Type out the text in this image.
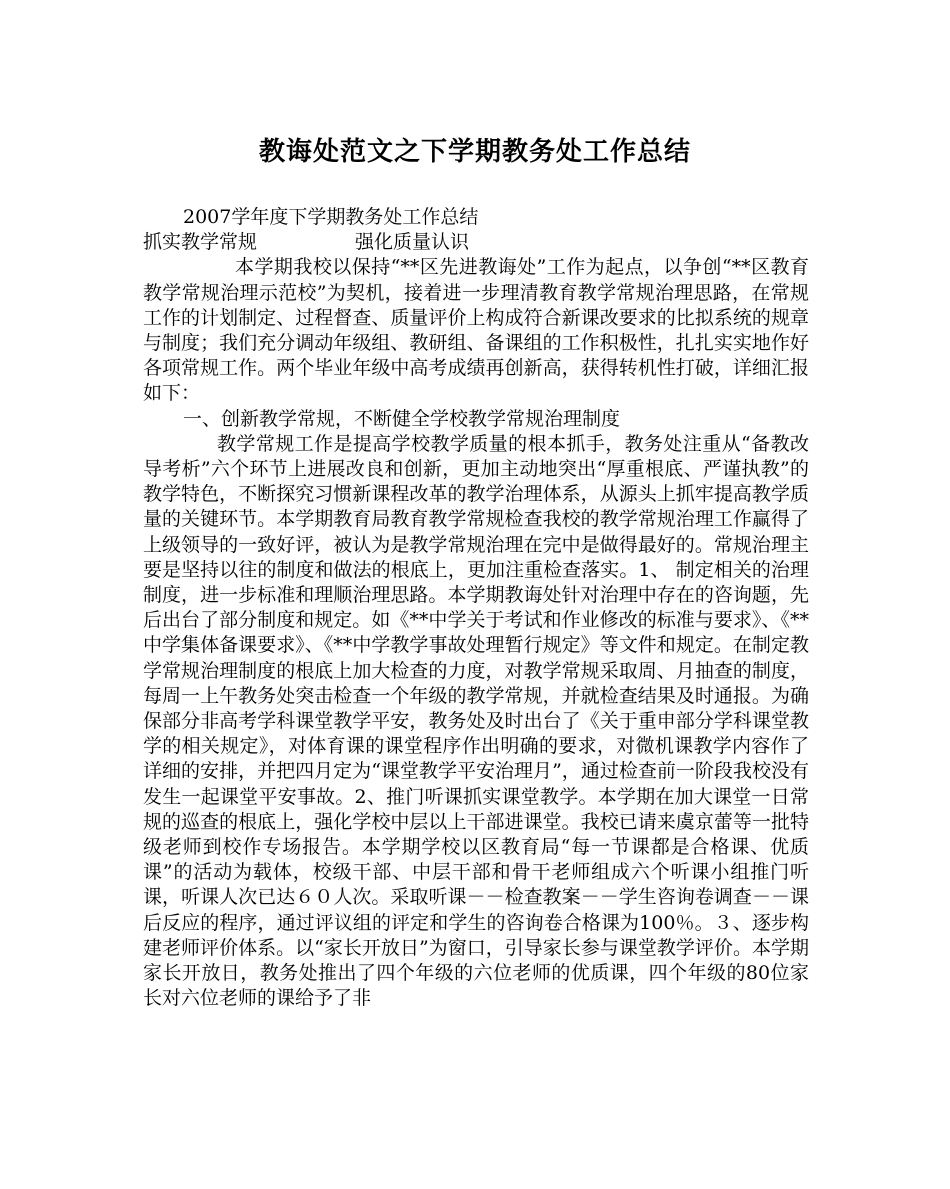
教诲处范文之下学期教务处工作总结

2007学年度下学期教务处工作总结

抓实教学常规	强化质量认识

本学期我校以保持“**区先进教诲处”工作为起点，以争创“**区教育教学常规治理示范校”为契机，接着进一步理清教育教学常规治理思路，在常规工作的计划制定、过程督查、质量评价上构成符合新课改要求的比拟系统的规章与制度；我们充分调动年级组、教研组、备课组的工作积极性，扎扎实实地作好各项常规工作。两个毕业年级中高考成绩再创新高，获得转机性打破，详细汇报如下：

一、创新教学常规，不断健全学校教学常规治理制度

教学常规工作是提高学校教学质量的根本抓手，教务处注重从“备教改导考析”六个环节上进展改良和创新，更加主动地突出“厚重根底、严谨执教”的教学特色，不断探究习惯新课程改革的教学治理体系，从源头上抓牢提高教学质量的关键环节。本学期教育局教育教学常规检查我校的教学常规治理工作赢得了上级领导的一致好评，被认为是教学常规治理在完中是做得最好的。常规治理主要是坚持以往的制度和做法的根底上，更加注重检查落实。1、 制定相关的治理制度，进一步标准和理顺治理思路。本学期教诲处针对治理中存在的咨询题，先后出台了部分制度和规定。如《**中学关于考试和作业修改的标准与要求》、《**中学集体备课要求》、《**中学教学事故处理暂行规定》等文件和规定。在制定教学常规治理制度的根底上加大检查的力度，对教学常规采取周、月抽查的制度，每周一上午教务处突击检查一个年级的教学常规，并就检查结果及时通报。为确保部分非高考学科课堂教学平安，教务处及时出台了《关于重申部分学科课堂教学的相关规定》，对体育课的课堂程序作出明确的要求，对微机课教学内容作了详细的安排，并把四月定为“课堂教学平安治理月”，通过检查前一阶段我校没有发生一起课堂平安事故。2、推门听课抓实课堂教学。本学期在加大课堂一日常规的巡查的根底上，强化学校中层以上干部进课堂。我校已请来虞京蕾等一批特级老师到校作专场报告。本学期学校以区教育局“每一节课都是合格课、优质课”的活动为载体，校级干部、中层干部和骨干老师组成六个听课小组推门听课，听课人次已达６０人次。采取听课－－检查教案－－学生咨询卷调查－－课后反应的程序，通过评议组的评定和学生的咨询卷合格课为100％。３、逐步构建老师评价体系。以“家长开放日”为窗口，引导家长参与课堂教学评价。本学期家长开放日，教务处推出了四个年级的六位老师的优质课，四个年级的80位家长对六位老师的课给予了非
